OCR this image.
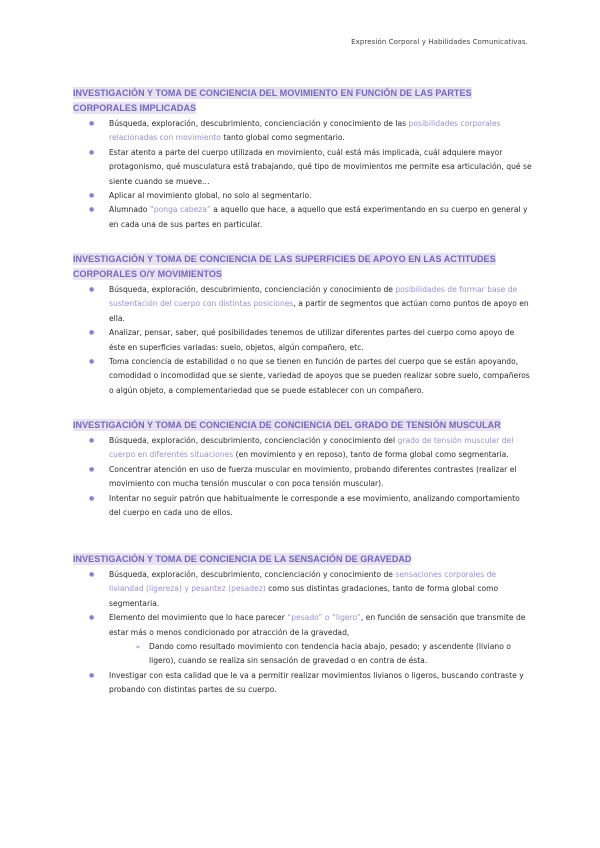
Expresión Corporal y Habilidades Comunicativas.
INVESTIGACIÓN Y TOMA DE CONCIENCIA DEL MOVIMIENTO EN FUNCIÓN DE LAS PARTES CORPORALES IMPLICADAS
● Búsqueda, exploración, descubrimiento, concienciación y conocimiento de las posibilidades corporales relacionadas con movimiento tanto global como segmentario.
● Estar atento a parte del cuerpo utilizada en movimiento, cuál está más implicada, cuál adquiere mayor protagonismo, qué musculatura está trabajando, qué tipo de movimientos me permite esa articulación, qué se siente cuando se mueve…
● Aplicar al movimiento global, no solo al segmentario.
● Alumnado “ponga cabeza” a aquello que hace, a aquello que está experimentando en su cuerpo en general y en cada una de sus partes en particular.
INVESTIGACIÓN Y TOMA DE CONCIENCIA DE LAS SUPERFICIES DE APOYO EN LAS ACTITUDES CORPORALES O/Y MOVIMIENTOS
● Búsqueda, exploración, descubrimiento, concienciación y conocimiento de posibilidades de formar base de sustentación del cuerpo con distintas posiciones, a partir de segmentos que actúan como puntos de apoyo en ella.
● Analizar, pensar, saber, qué posibilidades tenemos de utilizar diferentes partes del cuerpo como apoyo de éste en superficies variadas: suelo, objetos, algún compañero, etc.
● Toma conciencia de estabilidad o no que se tienen en función de partes del cuerpo que se están apoyando, comodidad o incomodidad que se siente, variedad de apoyos que se pueden realizar sobre suelo, compañeros o algún objeto, a complementariedad que se puede establecer con un compañero.
INVESTIGACIÓN Y TOMA DE CONCIENCIA DE CONCIENCIA DEL GRADO DE TENSIÓN MUSCULAR
● Búsqueda, exploración, descubrimiento, concienciación y conocimiento del grado de tensión muscular del cuerpo en diferentes situaciones (en movimiento y en reposo), tanto de forma global como segmentaria.
● Concentrar atención en uso de fuerza muscular en movimiento, probando diferentes contrastes (realizar el movimiento con mucha tensión muscular o con poca tensión muscular).
● Intentar no seguir patrón que habitualmente le corresponde a ese movimiento, analizando comportamiento del cuerpo en cada uno de ellos.
INVESTIGACIÓN Y TOMA DE CONCIENCIA DE LA SENSACIÓN DE GRAVEDAD
● Búsqueda, exploración, descubrimiento, concienciación y conocimiento de sensaciones corporales de liviandad (ligereza) y pesantez (pesadez) como sus distintas gradaciones, tanto de forma global como segmentaria.
● Elemento del movimiento que lo hace parecer “pesado” o “ligero”, en función de sensación que transmite de estar más o menos condicionado por atracción de la gravedad,
➢ Dando como resultado movimiento con tendencia hacia abajo, pesado; y ascendente (liviano o ligero), cuando se realiza sin sensación de gravedad o en contra de ésta.
● Investigar con esta calidad que le va a permitir realizar movimientos livianos o ligeros, buscando contraste y probando con distintas partes de su cuerpo.
